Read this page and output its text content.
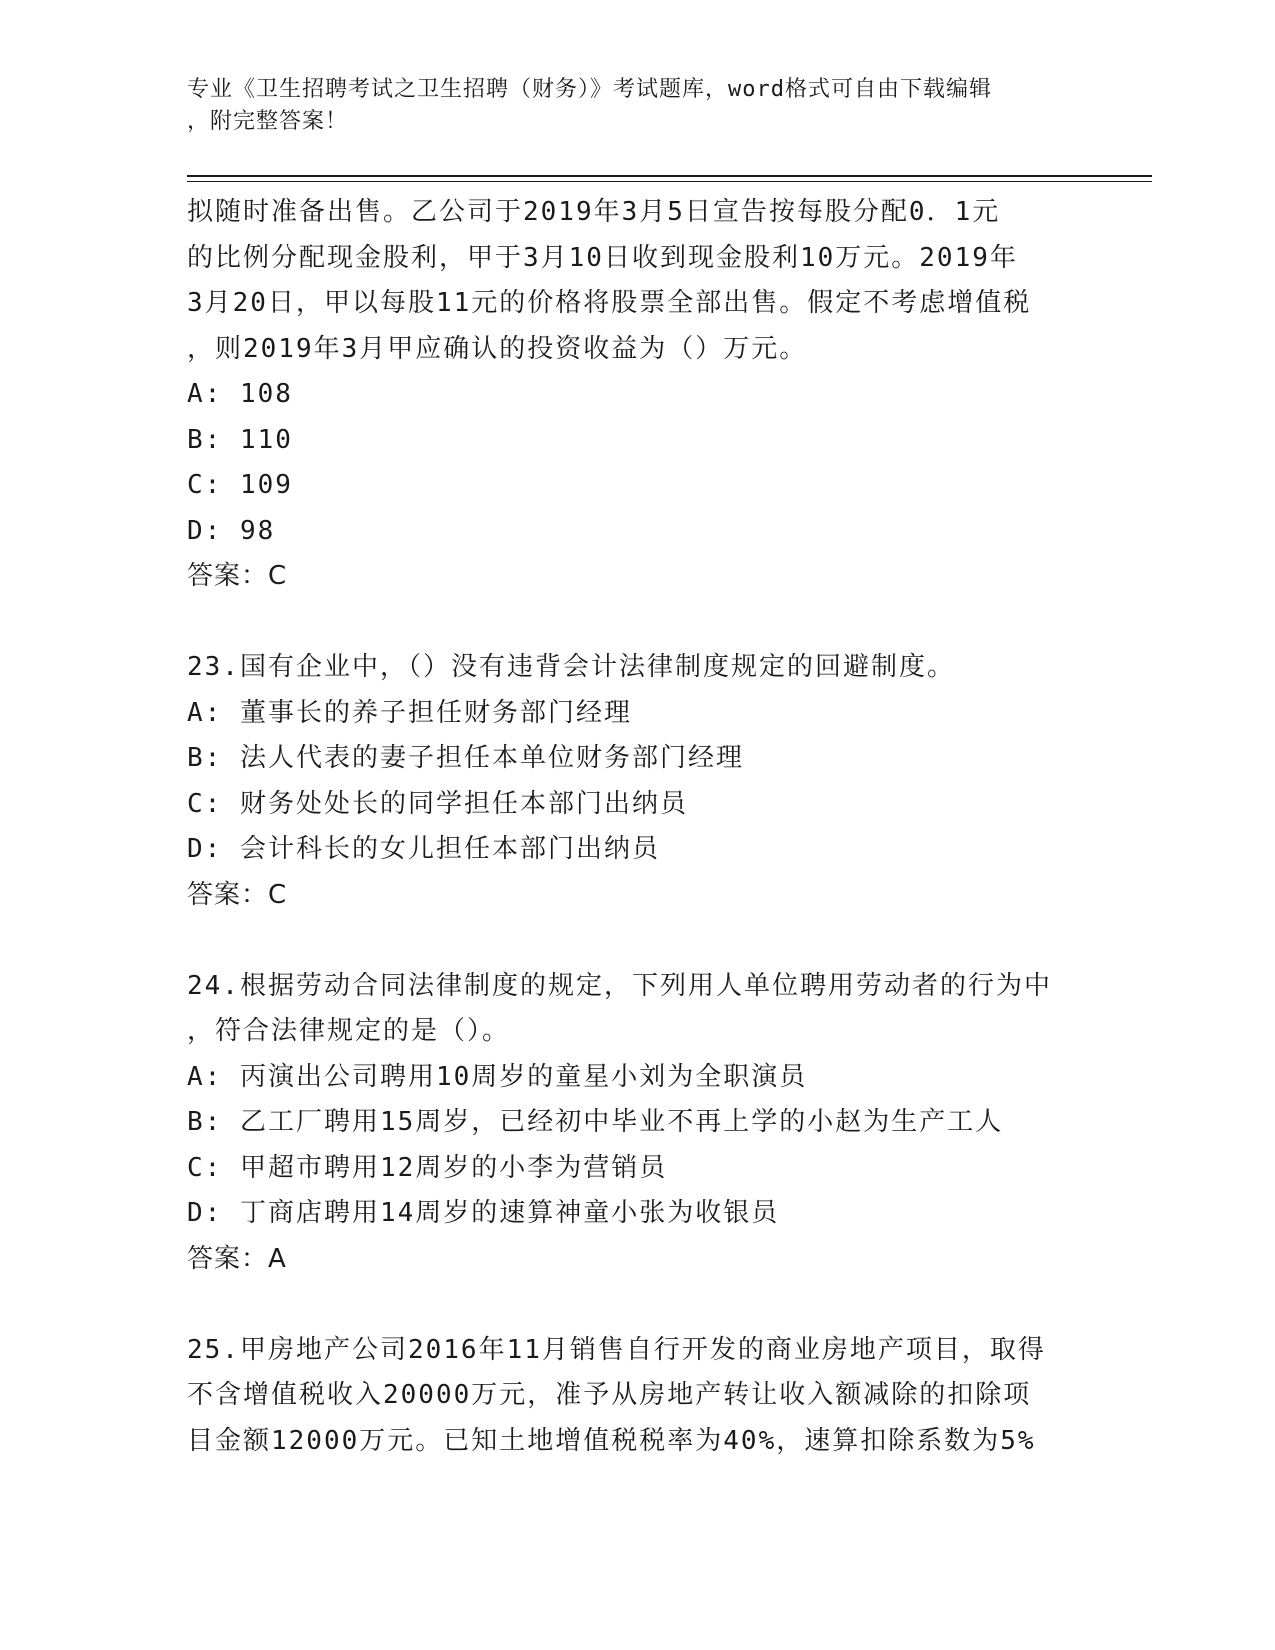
专业《卫生招聘考试之卫生招聘（财务）》考试题库，word格式可自由下载编辑
，附完整答案！

拟随时准备出售。乙公司于2019年3月5日宣告按每股分配0．1元

的比例分配现金股利，甲于3月10日收到现金股利10万元。2019年

3月20日，甲以每股11元的价格将股票全部出售。假定不考虑增值税

，则2019年3月甲应确认的投资收益为（）万元。

A: 108

B: 110

C: 109

D: 98

答案：C

23.国有企业中，（）没有违背会计法律制度规定的回避制度。

A: 董事长的养子担任财务部门经理

B: 法人代表的妻子担任本单位财务部门经理

C: 财务处处长的同学担任本部门出纳员

D: 会计科长的女儿担任本部门出纳员

答案：C

24.根据劳动合同法律制度的规定，下列用人单位聘用劳动者的行为中

，符合法律规定的是（）。

A: 丙演出公司聘用10周岁的童星小刘为全职演员

B: 乙工厂聘用15周岁，已经初中毕业不再上学的小赵为生产工人

C: 甲超市聘用12周岁的小李为营销员

D: 丁商店聘用14周岁的速算神童小张为收银员

答案：A

25.甲房地产公司2016年11月销售自行开发的商业房地产项目，取得

不含增值税收入20000万元，准予从房地产转让收入额减除的扣除项

目金额12000万元。已知土地增值税税率为40%，速算扣除系数为5%
